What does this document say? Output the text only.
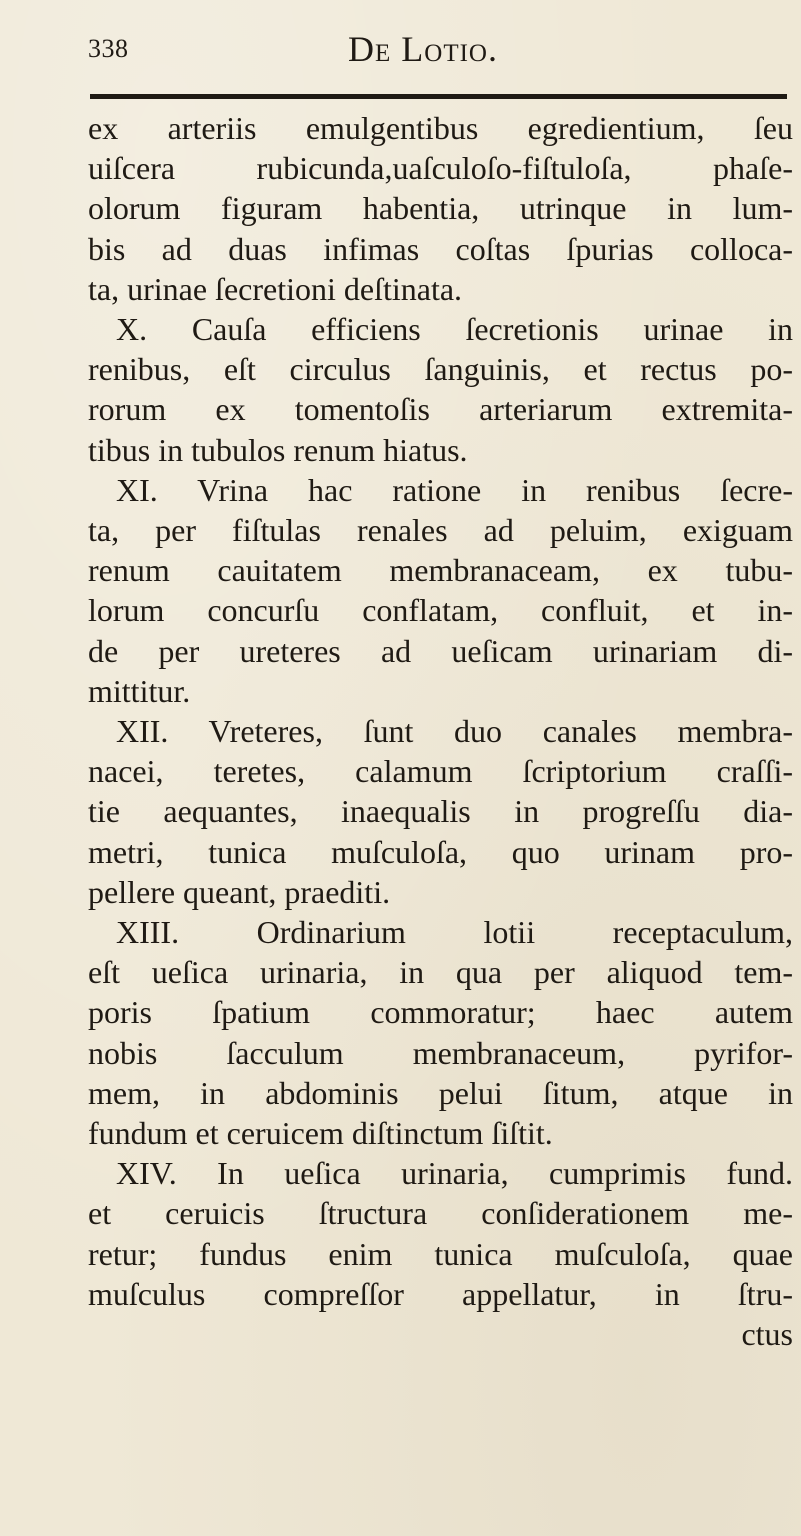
338	De Lotio.

ex arteriis emulgentibus egredientium, ſeu
uiſcera rubicunda,uaſculoſo-fiſtuloſa, phaſe-
olorum figuram habentia, utrinque in lum-
bis ad duas infimas coſtas ſpurias colloca-
ta, urinae ſecretioni deſtinata.

X. Cauſa efficiens ſecretionis urinae in
renibus, eſt circulus ſanguinis, et rectus po-
rorum ex tomentoſis arteriarum extremita-
tibus in tubulos renum hiatus.

XI. Vrina hac ratione in renibus ſecre-
ta, per fiſtulas renales ad peluim, exiguam
renum cauitatem membranaceam, ex tubu-
lorum concurſu conflatam, confluit, et in-
de per ureteres ad ueſicam urinariam di-
mittitur.

XII. Vreteres, ſunt duo canales membra-
nacei, teretes, calamum ſcriptorium craſſi-
tie aequantes, inaequalis in progreſſu dia-
metri, tunica muſculoſa, quo urinam pro-
pellere queant, praediti.

XIII. Ordinarium lotii receptaculum,
eſt ueſica urinaria, in qua per aliquod tem-
poris ſpatium commoratur; haec autem
nobis ſacculum membranaceum, pyrifor-
mem, in abdominis pelui ſitum, atque in
fundum et ceruicem diſtinctum ſiſtit.

XIV. In ueſica urinaria, cumprimis fund.
et ceruicis ſtructura conſiderationem me-
retur; fundus enim tunica muſculoſa, quae
muſculus compreſſor appellatur, in ſtru-

ctus
